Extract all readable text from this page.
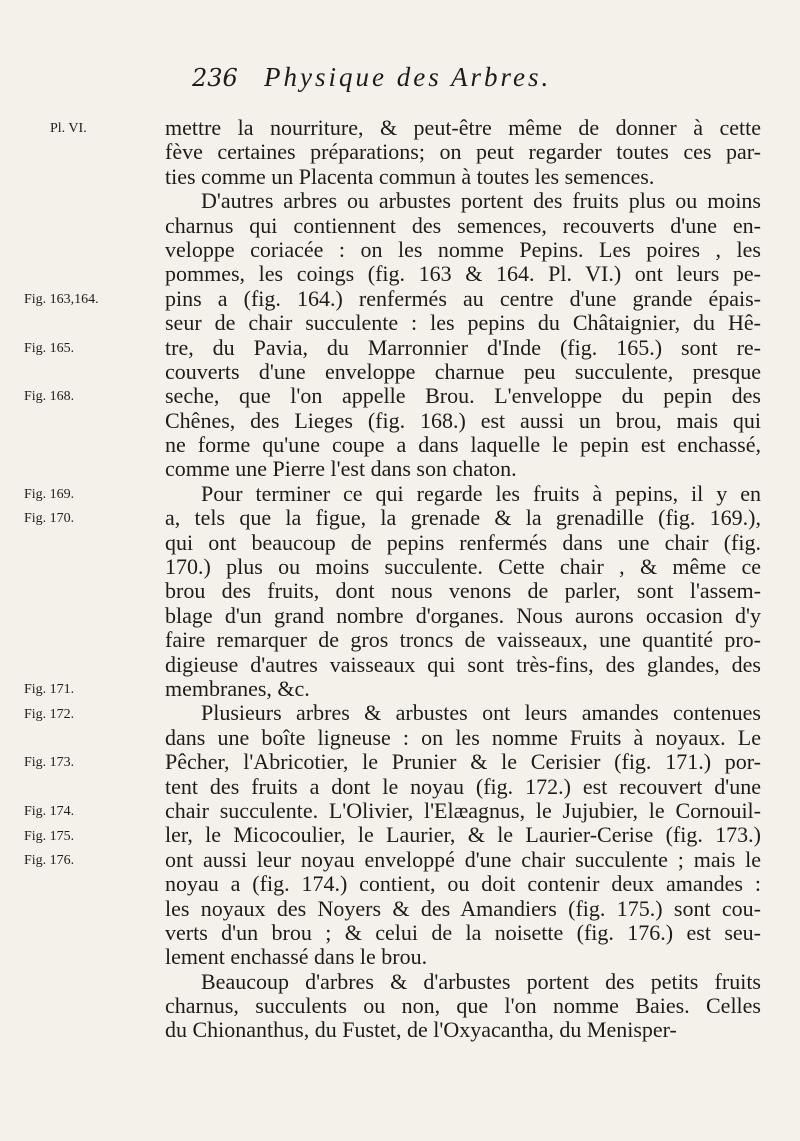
236 Physique des Arbres.
Pl. VI.
Fig. 163,164.
Fig. 165.
Fig. 168.
Fig. 169.
Fig. 170.
Fig. 171.
Fig. 172.
Fig. 173.
Fig. 174.
Fig. 175.
Fig. 176.
mettre la nourriture, & peut-être même de donner à cette
fève certaines préparations; on peut regarder toutes ces par-
ties comme un Placenta commun à toutes les semences.
D'autres arbres ou arbustes portent des fruits plus ou moins
charnus qui contiennent des semences, recouverts d'une en-
veloppe coriacée : on les nomme Pepins. Les poires , les
pommes, les coings (fig. 163 & 164. Pl. VI.) ont leurs pe-
pins a (fig. 164.) renfermés au centre d'une grande épais-
seur de chair succulente : les pepins du Châtaignier, du Hê-
tre, du Pavia, du Marronnier d'Inde (fig. 165.) sont re-
couverts d'une enveloppe charnue peu succulente, presque
seche, que l'on appelle Brou. L'enveloppe du pepin des
Chênes, des Lieges (fig. 168.) est aussi un brou, mais qui
ne forme qu'une coupe a dans laquelle le pepin est enchassé,
comme une Pierre l'est dans son chaton.
Pour terminer ce qui regarde les fruits à pepins, il y en
a, tels que la figue, la grenade & la grenadille (fig. 169.),
qui ont beaucoup de pepins renfermés dans une chair (fig.
170.) plus ou moins succulente. Cette chair , & même ce
brou des fruits, dont nous venons de parler, sont l'assem-
blage d'un grand nombre d'organes. Nous aurons occasion d'y
faire remarquer de gros troncs de vaisseaux, une quantité pro-
digieuse d'autres vaisseaux qui sont très-fins, des glandes, des
membranes, &c.
Plusieurs arbres & arbustes ont leurs amandes contenues
dans une boîte ligneuse : on les nomme Fruits à noyaux. Le
Pêcher, l'Abricotier, le Prunier & le Cerisier (fig. 171.) por-
tent des fruits a dont le noyau (fig. 172.) est recouvert d'une
chair succulente. L'Olivier, l'Elæagnus, le Jujubier, le Cornouil-
ler, le Micocoulier, le Laurier, & le Laurier-Cerise (fig. 173.)
ont aussi leur noyau enveloppé d'une chair succulente ; mais le
noyau a (fig. 174.) contient, ou doit contenir deux amandes :
les noyaux des Noyers & des Amandiers (fig. 175.) sont cou-
verts d'un brou ; & celui de la noisette (fig. 176.) est seu-
lement enchassé dans le brou.
Beaucoup d'arbres & d'arbustes portent des petits fruits
charnus, succulents ou non, que l'on nomme Baies. Celles
du Chionanthus, du Fustet, de l'Oxyacantha, du Menisper-
